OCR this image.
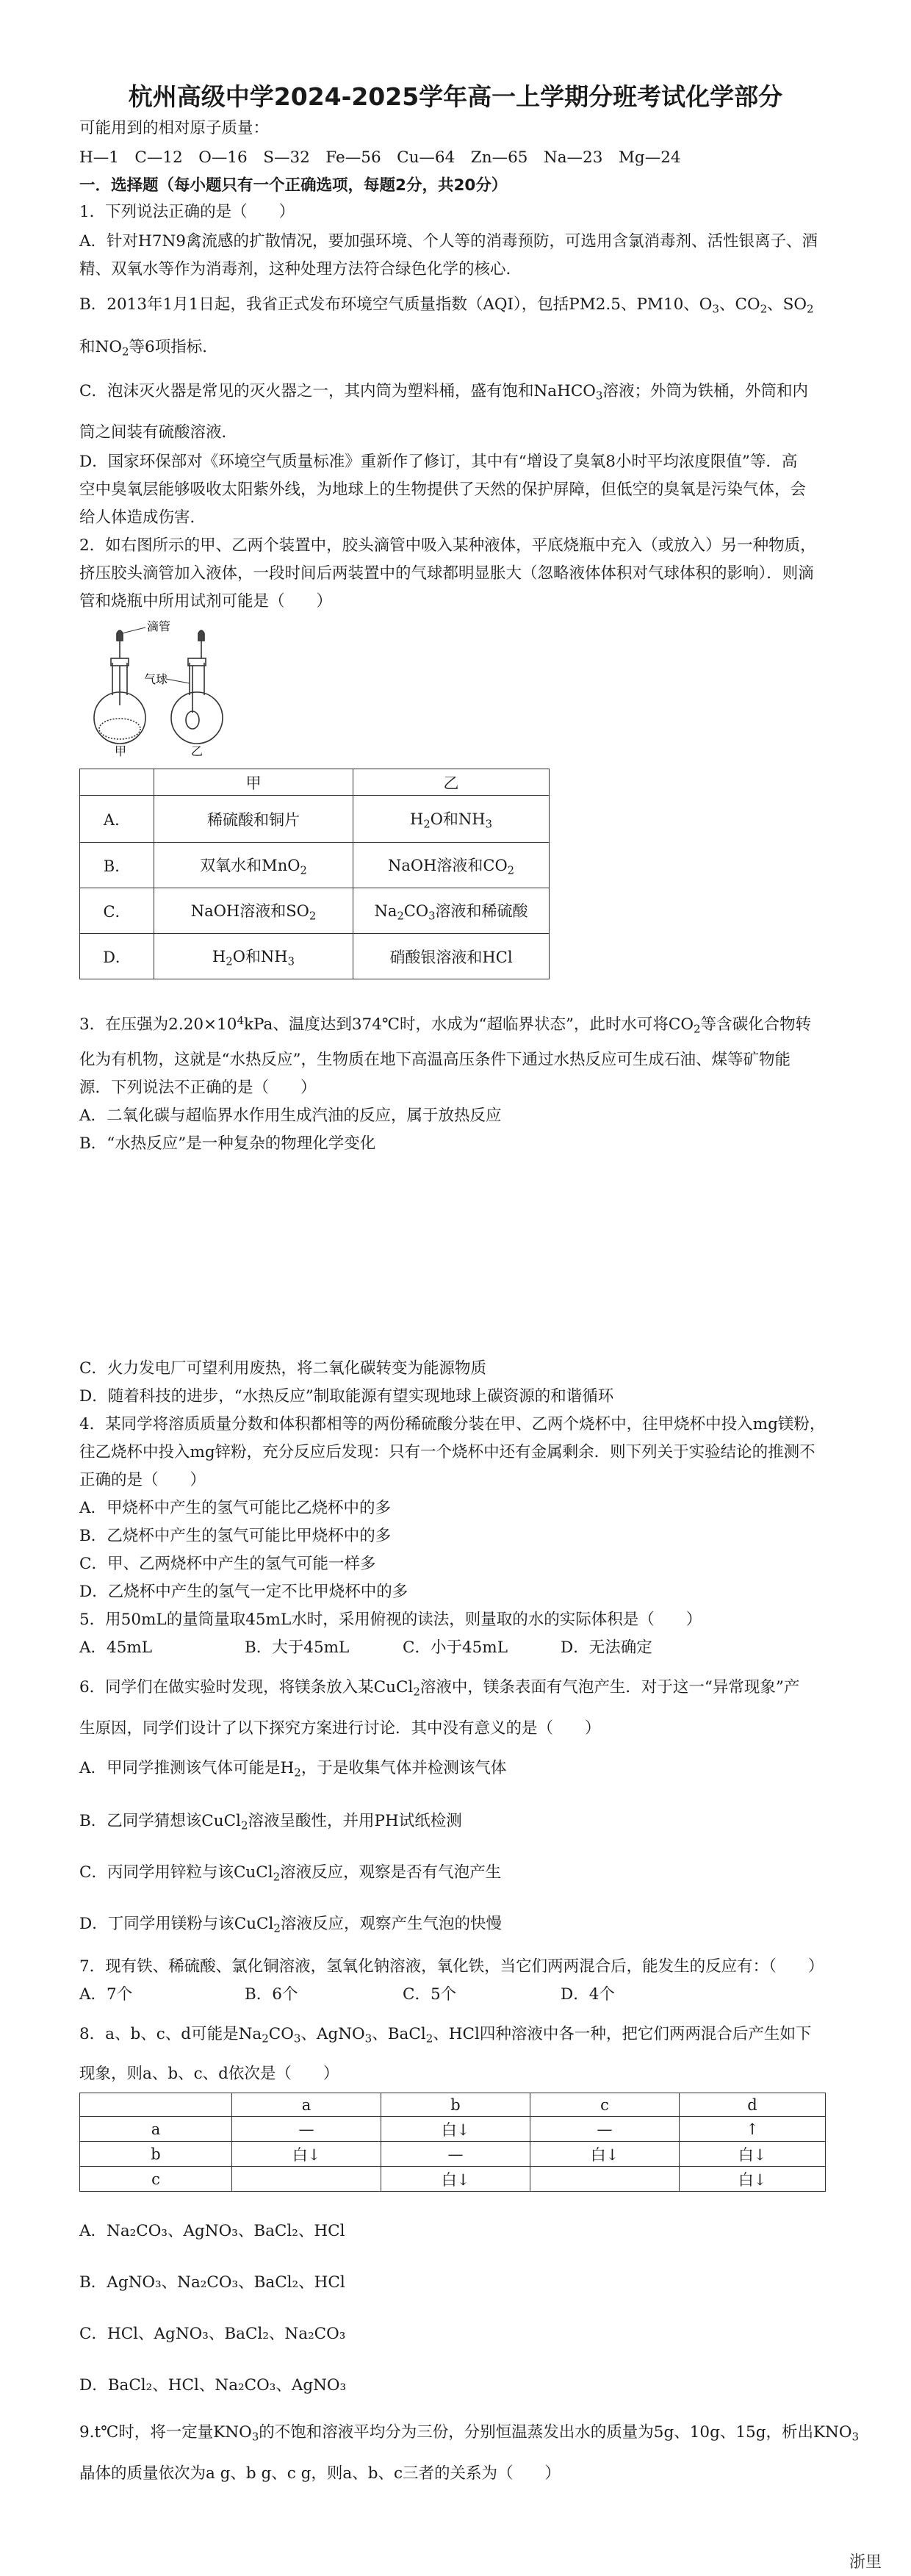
杭州高级中学2024-2025学年高一上学期分班考试化学部分
可能用到的相对原子质量：
H—1　C—12　O—16　S—32　Fe—56　Cu—64　Zn—65　Na—23　Mg—24
一．选择题（每小题只有一个正确选项，每题2分，共20分）
1．下列说法正确的是（　　）
A．针对H7N9禽流感的扩散情况，要加强环境、个人等的消毒预防，可选用含氯消毒剂、活性银离子、酒
精、双氧水等作为消毒剂，这种处理方法符合绿色化学的核心．
B．2013年1月1日起，我省正式发布环境空气质量指数（AQI），包括PM2.5、PM10、$O_3$、$CO_2$、$SO_2$
和$NO_2$等6项指标．
C．泡沫灭火器是常见的灭火器之一，其内筒为塑料桶，盛有饱和NaHCO$_3$溶液；外筒为铁桶，外筒和内
筒之间装有硫酸溶液．
D．国家环保部对《环境空气质量标准》重新作了修订，其中有“增设了臭氧8小时平均浓度限值”等．高
空中臭氧层能够吸收太阳紫外线，为地球上的生物提供了天然的保护屏障，但低空的臭氧是污染气体，会
给人体造成伤害．
2．如右图所示的甲、乙两个装置中，胶头滴管中吸入某种液体，平底烧瓶中充入（或放入）另一种物质，
挤压胶头滴管加入液体，一段时间后两装置中的气球都明显胀大（忽略液体体积对气球体积的影响）．则滴
管和烧瓶中所用试剂可能是（　　）
滴管
气球
甲	乙
	甲	乙
A．	稀硫酸和铜片	$H_2O$和$NH_3$
B．	双氧水和MnO$_2$	NaOH溶液和$CO_2$
C．	NaOH溶液和$SO_2$	$Na_2CO_3$溶液和稀硫酸
D．	$H_2O$和$NH_3$	硝酸银溶液和HCl
3．在压强为$2.20\times 10^4kPa$、温度达到374℃时，水成为“超临界状态”，此时水可将$CO_2$等含碳化合物转
化为有机物，这就是“水热反应”，生物质在地下高温高压条件下通过水热反应可生成石油、煤等矿物能
源．下列说法不正确的是（　　）
A．二氧化碳与超临界水作用生成汽油的反应，属于放热反应
B．“水热反应”是一种复杂的物理化学变化
C．火力发电厂可望利用废热，将二氧化碳转变为能源物质
D．随着科技的进步，“水热反应”制取能源有望实现地球上碳资源的和谐循环
4．某同学将溶质质量分数和体积都相等的两份稀硫酸分装在甲、乙两个烧杯中，往甲烧杯中投入mg镁粉，
往乙烧杯中投入mg锌粉，充分反应后发现：只有一个烧杯中还有金属剩余．则下列关于实验结论的推测不
正确的是（　　）
A．甲烧杯中产生的氢气可能比乙烧杯中的多
B．乙烧杯中产生的氢气可能比甲烧杯中的多
C．甲、乙两烧杯中产生的氢气可能一样多
D．乙烧杯中产生的氢气一定不比甲烧杯中的多
5．用50mL的量筒量取45mL水时，采用俯视的读法，则量取的水的实际体积是（　　）
A．45mL	B．大于45mL	C．小于45mL	D．无法确定
6．同学们在做实验时发现，将镁条放入某CuCl$_2$溶液中，镁条表面有气泡产生．对于这一“异常现象”产
生原因，同学们设计了以下探究方案进行讨论．其中没有意义的是（　　）
A．甲同学推测该气体可能是$H_2$，于是收集气体并检测该气体
B．乙同学猜想该CuCl$_2$溶液呈酸性，并用PH试纸检测
C．丙同学用锌粒与该CuCl$_2$溶液反应，观察是否有气泡产生
D．丁同学用镁粉与该CuCl$_2$溶液反应，观察产生气泡的快慢
7．现有铁、稀硫酸、氯化铜溶液，氢氧化钠溶液，氧化铁，当它们两两混合后，能发生的反应有：（　　）
A．7个	B．6个	C．5个	D．4个
8．a、b、c、d可能是$Na_2CO_3$、AgNO$_3$、BaCl$_2$、HCl四种溶液中各一种，把它们两两混合后产生如下
现象，则a、b、c、d依次是（　　）
	a	b	c	d
a	—	白↓	—	↑
b	白↓	—	白↓	白↓
c		白↓		白↓
A．Na₂CO₃、AgNO₃、BaCl₂、HCl
B．AgNO₃、Na₂CO₃、BaCl₂、HCl
C．HCl、AgNO₃、BaCl₂、Na₂CO₃
D．BaCl₂、HCl、Na₂CO₃、AgNO₃
9.t℃时，将一定量$KNO_3$的不饱和溶液平均分为三份，分别恒温蒸发出水的质量为5g、10g、15g，析出$KNO_3$
晶体的质量依次为a g、b g、c g，则a、b、c三者的关系为（　　）
浙里
